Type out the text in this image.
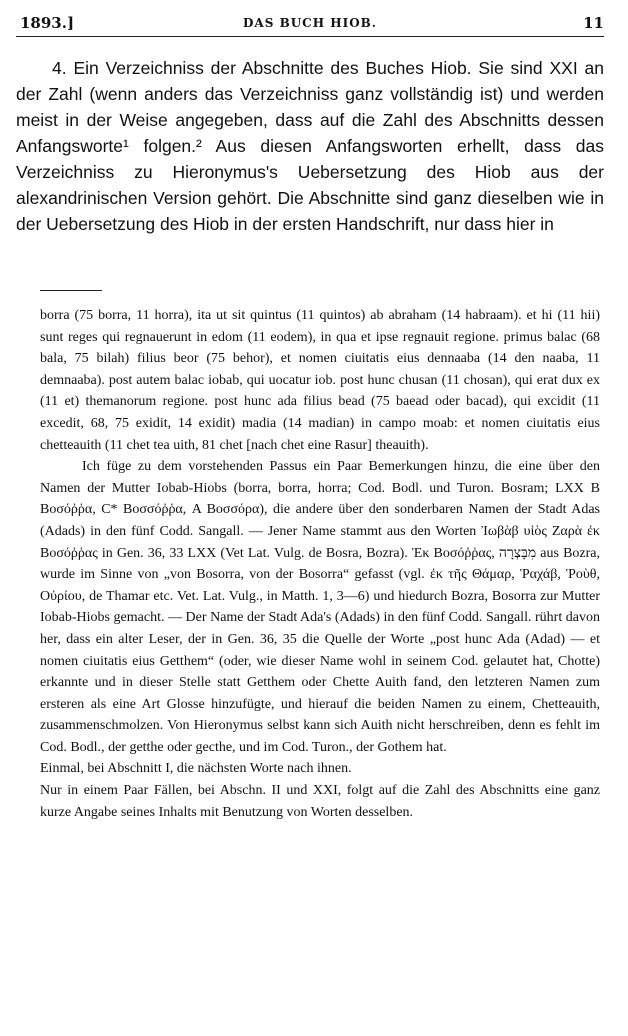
1893.]	DAS BUCH HIOB.	11

4. Ein Verzeichniss der Abschnitte des Buches Hiob. Sie sind XXI an der Zahl (wenn anders das Verzeichniss ganz vollständig ist) und werden meist in der Weise angegeben, dass auf die Zahl des Abschnitts dessen Anfangsworte¹ folgen.² Aus diesen Anfangsworten erhellt, dass das Verzeichniss zu Hieronymus's Uebersetzung des Hiob aus der alexandrinischen Version gehört. Die Abschnitte sind ganz dieselben wie in der Uebersetzung des Hiob in der ersten Handschrift, nur dass hier in

borra (75 borra, 11 horra), ita ut sit quintus (11 quintos) ab abraham (14 habraam). et hi (11 hii) sunt reges qui regnauerunt in edom (11 eodem), in qua et ipse regnauit regione. primus balac (68 bala, 75 bilah) filius beor (75 behor), et nomen ciuitatis eius dennaaba (14 den naaba, 11 demnaaba). post autem balac iobab, qui uocatur iob. post hunc chusan (11 chosan), qui erat dux ex (11 et) themanorum regione. post hunc ada filius bead (75 baead oder bacad), qui excidit (11 excedit, 68, 75 exidit, 14 exidit) madia (14 madian) in campo moab: et nomen ciuitatis eius chetteauith (11 chet tea uith, 81 chet [nach chet eine Rasur] theauith).

Ich füge zu dem vorstehenden Passus ein Paar Bemerkungen hinzu, die eine über den Namen der Mutter Iobab-Hiobs (borra, borra, horra; Cod. Bodl. und Turon. Bosram; LXX B Βοσόῤῥα, C* Βοσσόῤῥα, A Βοσσόρα), die andere über den sonderbaren Namen der Stadt Adas (Adads) in den fünf Codd. Sangall. — Jener Name stammt aus den Worten Ἰωβὰβ υἱὸς Ζαρὰ ἐκ Βοσόῤῥας in Gen. 36, 33 LXX (Vet Lat. Vulg. de Bosra, Bozra). Ἐκ Βοσόῤῥας, מִבָּצְרָה aus Bozra, wurde im Sinne von „von Bosorra, von der Bosorra“ gefasst (vgl. ἐκ τῆς Θάμαρ, Ῥαχάβ, Ῥοὺθ, Οὐρίου, de Thamar etc. Vet. Lat. Vulg., in Matth. 1, 3—6) und hiedurch Bozra, Bosorra zur Mutter Iobab-Hiobs gemacht. — Der Name der Stadt Ada's (Adads) in den fünf Codd. Sangall. rührt davon her, dass ein alter Leser, der in Gen. 36, 35 die Quelle der Worte „post hunc Ada (Adad) — et nomen ciuitatis eius Getthem“ (oder, wie dieser Name wohl in seinem Cod. gelautet hat, Chotte) erkannte und in dieser Stelle statt Getthem oder Chette Auith fand, den letzteren Namen zum ersteren als eine Art Glosse hinzufügte, und hierauf die beiden Namen zu einem, Chetteauith, zusammenschmolzen. Von Hieronymus selbst kann sich Auith nicht herschreiben, denn es fehlt im Cod. Bodl., der getthe oder gecthe, und im Cod. Turon., der Gothem hat.

Einmal, bei Abschnitt I, die nächsten Worte nach ihnen.

Nur in einem Paar Fällen, bei Abschn. II und XXI, folgt auf die Zahl des Abschnitts eine ganz kurze Angabe seines Inhalts mit Benutzung von Worten desselben.
